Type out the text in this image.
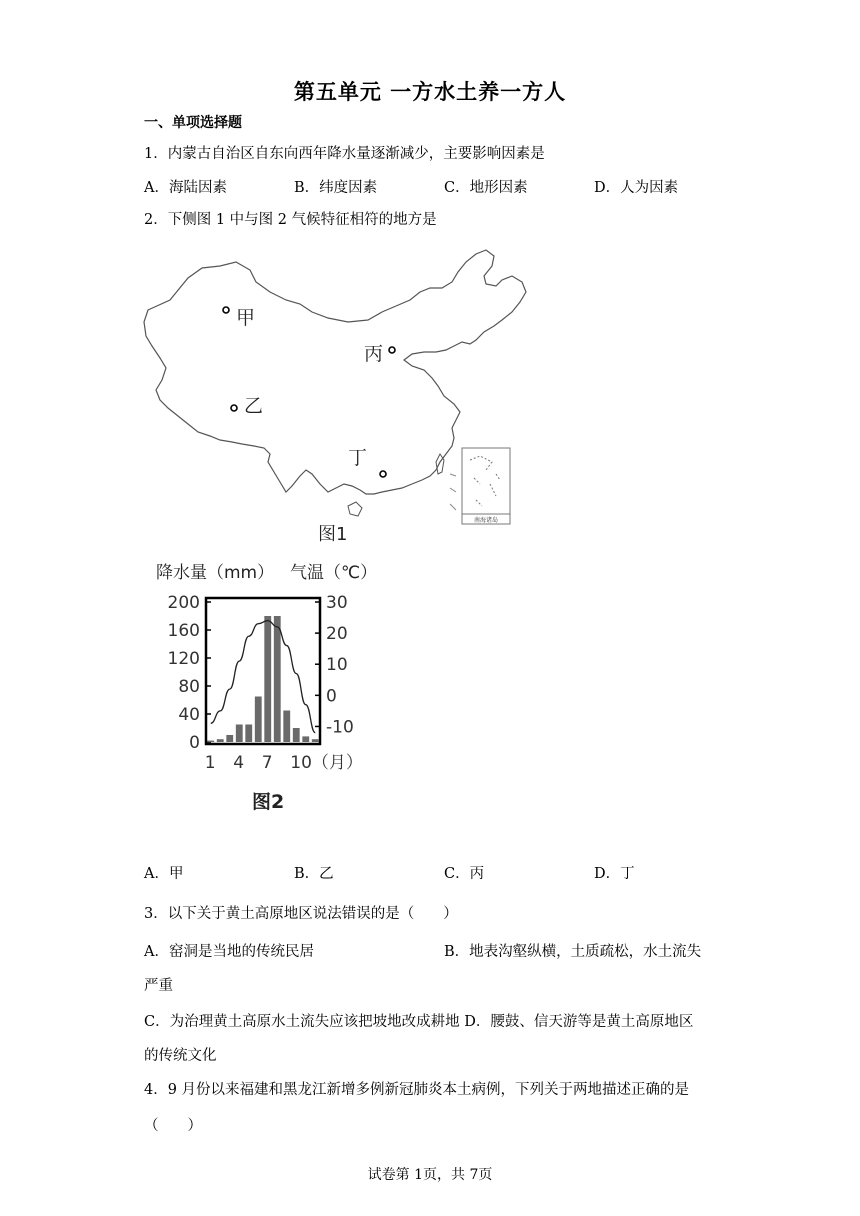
第五单元 一方水土养一方人
一、单项选择题
1．内蒙古自治区自东向西年降水量逐渐减少，主要影响因素是
A．海陆因素	B．纬度因素	C．地形因素	D．人为因素
2．下侧图 1 中与图 2 气候特征相符的地方是
南海诸岛
甲
丙
乙
丁
图1
降水量（mm） 气温（℃）
200
160
120
80
40
0
30
20
10
0
-10
1 4 7 10（月）
图2
A．甲	B．乙	C．丙	D．丁
3．以下关于黄土高原地区说法错误的是（　　）
A．窑洞是当地的传统民居	B．地表沟壑纵横，土质疏松，水土流失
严重
C．为治理黄土高原水土流失应该把坡地改成耕地 D．腰鼓、信天游等是黄土高原地区
的传统文化
4．9 月份以来福建和黑龙江新增多例新冠肺炎本土病例，下列关于两地描述正确的是
（　　）
试卷第 1页，共 7页
